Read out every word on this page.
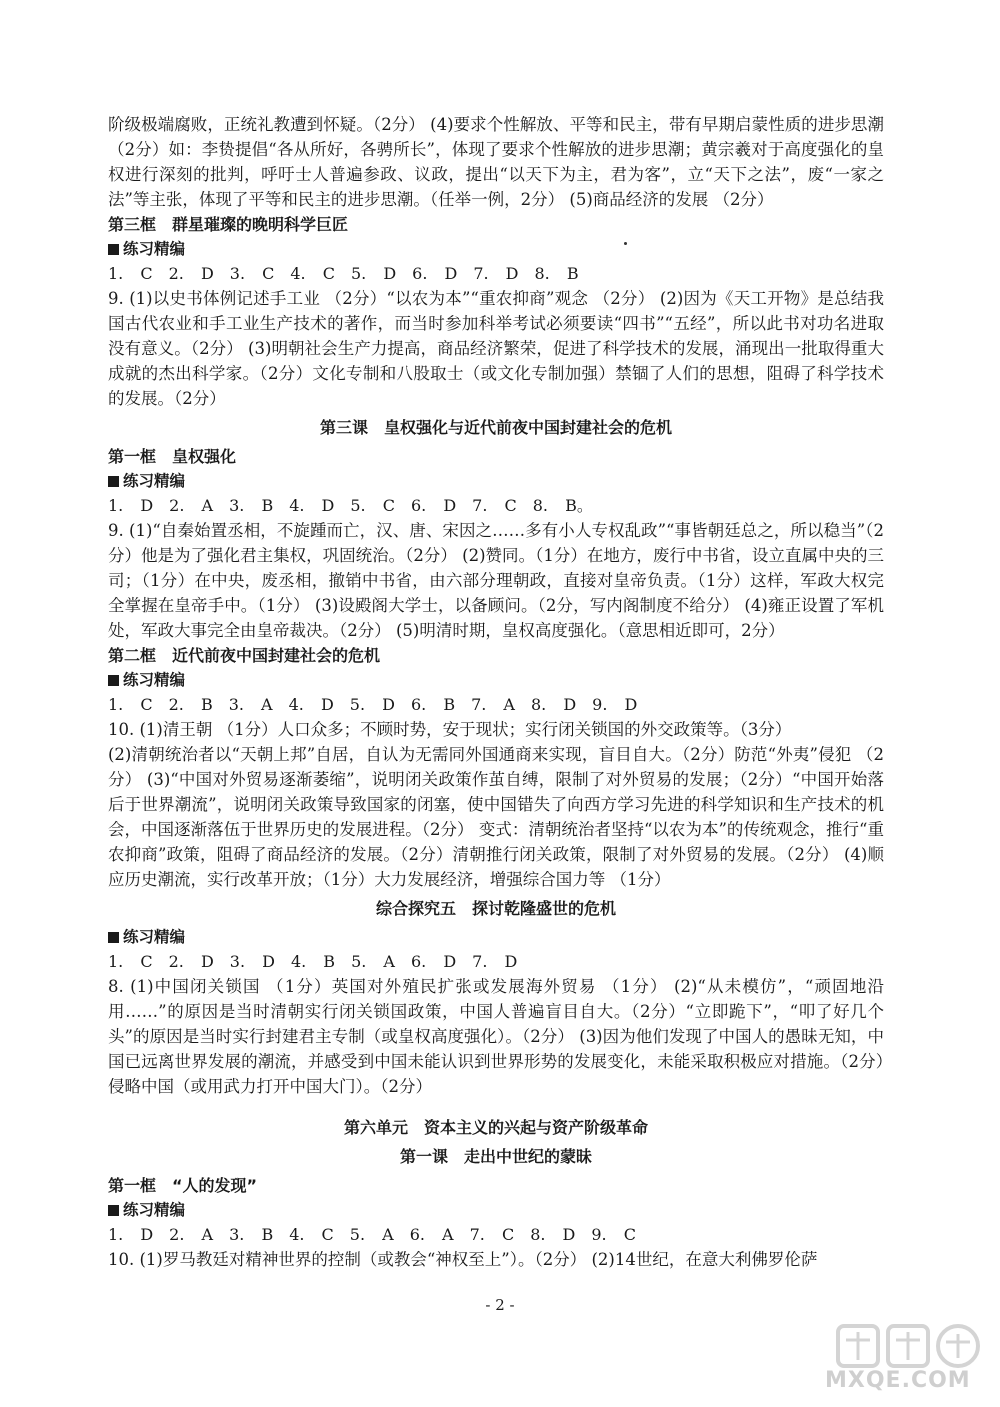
阶级极端腐败，正统礼教遭到怀疑。（2分） (4)要求个性解放、平等和民主，带有早期启蒙性质的进步思潮 （2分）如：李贽提倡“各从所好，各骋所长”，体现了要求个性解放的进步思潮；黄宗羲对于高度强化的皇权进行深刻的批判，呼吁士人普遍参政、议政，提出“以天下为主，君为客”，立“天下之法”，废“一家之法”等主张，体现了平等和民主的进步思潮。（任举一例，2分） (5)商品经济的发展 （2分）

第三框　群星璀璨的晚明科学巨匠
练习精编

1. C　2. D　3. C　4. C　5. D　6. D　7. D　8. B

9. (1)以史书体例记述手工业 （2分）“以农为本”“重农抑商”观念 （2分） (2)因为《天工开物》是总结我国古代农业和手工业生产技术的著作，而当时参加科举考试必须要读“四书”“五经”，所以此书对功名进取没有意义。（2分） (3)明朝社会生产力提高，商品经济繁荣，促进了科学技术的发展，涌现出一批取得重大成就的杰出科学家。（2分）文化专制和八股取士（或文化专制加强）禁锢了人们的思想，阻碍了科学技术的发展。（2分）

第三课　皇权强化与近代前夜中国封建社会的危机
第一框　皇权强化
练习精编

1. D　2. A　3. B　4. D　5. C　6. D　7. C　8. B。

9. (1)“自秦始置丞相，不旋踵而亡，汉、唐、宋因之……多有小人专权乱政”“事皆朝廷总之，所以稳当”（2分）他是为了强化君主集权，巩固统治。（2分） (2)赞同。（1分）在地方，废行中书省，设立直属中央的三司；（1分）在中央，废丞相，撤销中书省，由六部分理朝政，直接对皇帝负责。（1分）这样，军政大权完全掌握在皇帝手中。（1分） (3)设殿阁大学士，以备顾问。（2分，写内阁制度不给分） (4)雍正设置了军机处，军政大事完全由皇帝裁决。（2分） (5)明清时期，皇权高度强化。（意思相近即可，2分）

第二框　近代前夜中国封建社会的危机
练习精编

1. C　2. B　3. A　4. D　5. D　6. B　7. A　8. D　9. D

10. (1)清王朝 （1分）人口众多；不顾时势，安于现状；实行闭关锁国的外交政策等。（3分）

(2)清朝统治者以“天朝上邦”自居，自认为无需同外国通商来实现，盲目自大。（2分）防范“外夷”侵犯 （2分） (3)“中国对外贸易逐渐萎缩”，说明闭关政策作茧自缚，限制了对外贸易的发展；（2分）“中国开始落后于世界潮流”，说明闭关政策导致国家的闭塞，使中国错失了向西方学习先进的科学知识和生产技术的机会，中国逐渐落伍于世界历史的发展进程。（2分） 变式：清朝统治者坚持“以农为本”的传统观念，推行“重农抑商”政策，阻碍了商品经济的发展。（2分）清朝推行闭关政策，限制了对外贸易的发展。（2分） (4)顺应历史潮流，实行改革开放；（1分）大力发展经济，增强综合国力等 （1分）

综合探究五　探讨乾隆盛世的危机
练习精编

1. C　2. D　3. D　4. B　5. A　6. D　7. D

8. (1)中国闭关锁国 （1分）英国对外殖民扩张或发展海外贸易 （1分） (2)“从未模仿”，“顽固地沿用……”的原因是当时清朝实行闭关锁国政策，中国人普遍盲目自大。（2分）“立即跪下”，“叩了好几个头”的原因是当时实行封建君主专制（或皇权高度强化）。（2分） (3)因为他们发现了中国人的愚昧无知，中国已远离世界发展的潮流，并感受到中国未能认识到世界形势的发展变化，未能采取积极应对措施。（2分）侵略中国（或用武力打开中国大门）。（2分）

第六单元　资本主义的兴起与资产阶级革命
第一课　走出中世纪的蒙昧
第一框　“人的发现”
练习精编

1. D　2. A　3. B　4. C　5. A　6. A　7. C　8. D　9. C

10. (1)罗马教廷对精神世界的控制（或教会“神权至上”）。（2分） (2)14世纪，在意大利佛罗伦萨

- 2 -
MXQE.COM
